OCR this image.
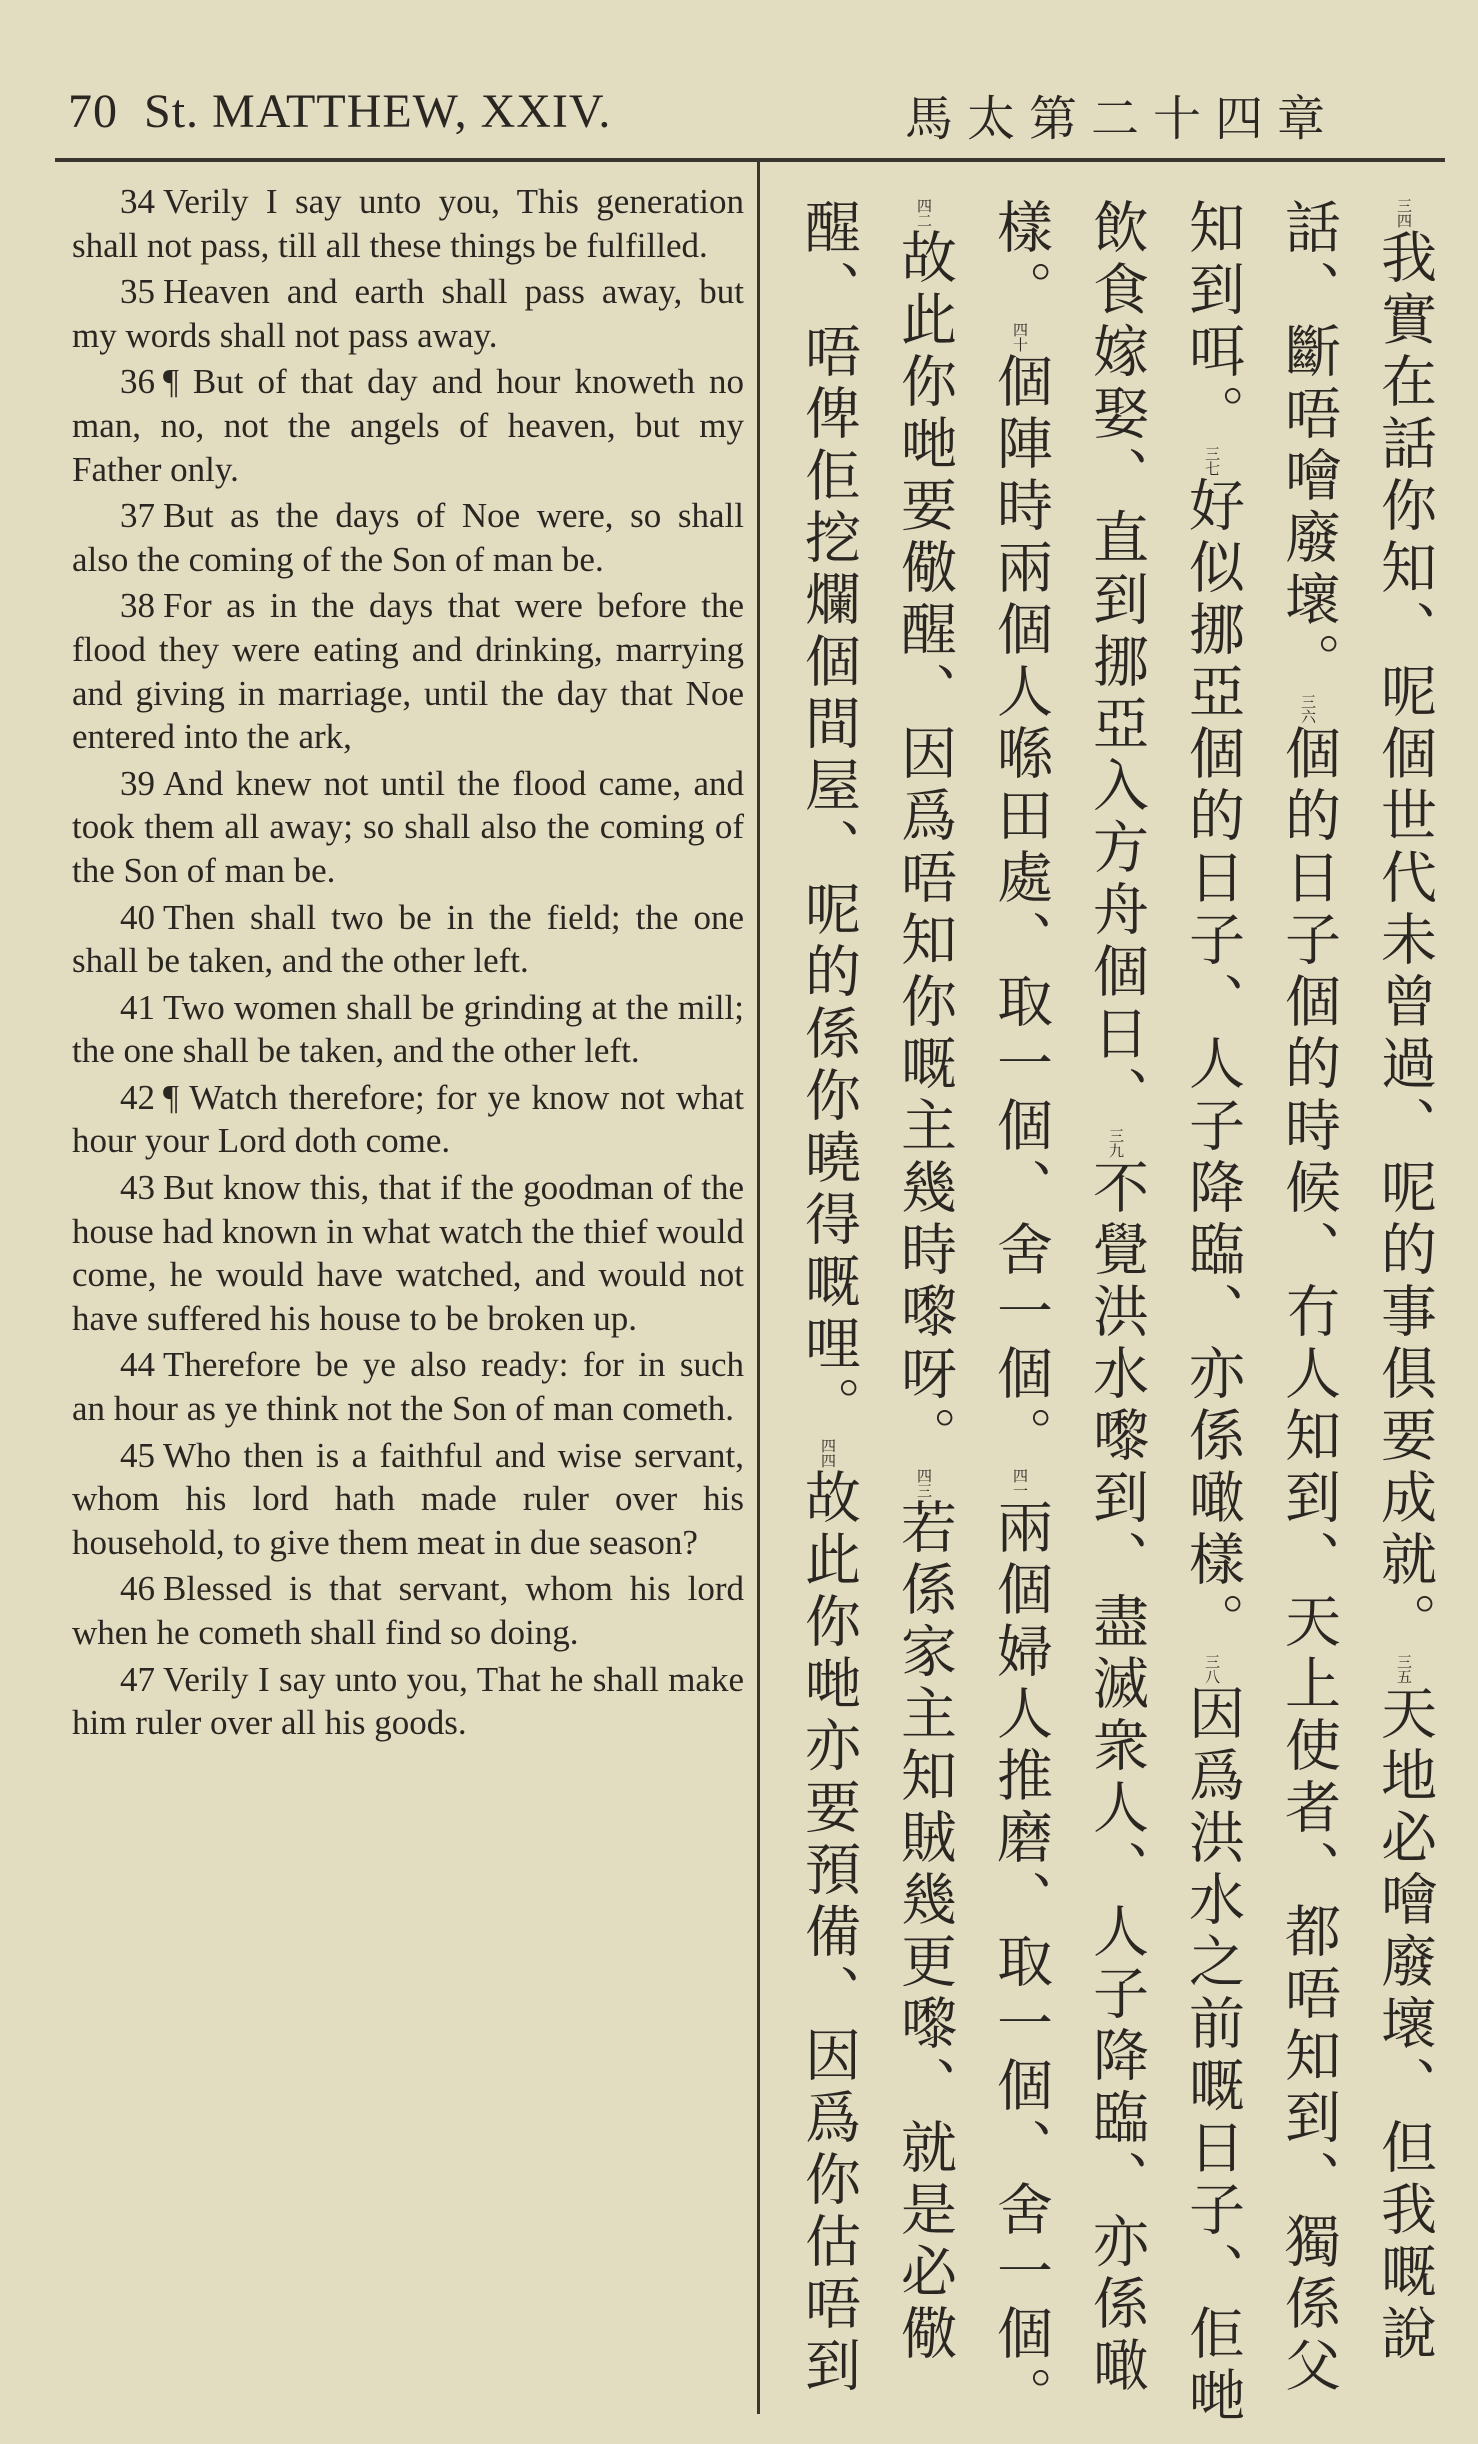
70 St. MATTHEW, XXIV.	馬太第二十四章

34 Verily I say unto you, This generation shall not pass, till all these things be fulfilled.

35 Heaven and earth shall pass away, but my words shall not pass away.

36 ¶ But of that day and hour knoweth no man, no, not the angels of heaven, but my Father only.

37 But as the days of Noe were, so shall also the coming of the Son of man be.

38 For as in the days that were before the flood they were eating and drinking, marrying and giving in marriage, until the day that Noe entered into the ark,

39 And knew not until the flood came, and took them all away; so shall also the coming of the Son of man be.

40 Then shall two be in the field; the one shall be taken, and the other left.

41 Two women shall be grinding at the mill; the one shall be taken, and the other left.

42 ¶ Watch therefore; for ye know not what hour your Lord doth come.

43 But know this, that if the goodman of the house had known in what watch the thief would come, he would have watched, and would not have suffered his house to be broken up.

44 Therefore be ye also ready: for in such an hour as ye think not the Son of man cometh.

45 Who then is a faithful and wise servant, whom his lord hath made ruler over his household, to give them meat in due season?

46 Blessed is that servant, whom his lord when he cometh shall find so doing.

47 Verily I say unto you, That he shall make him ruler over all his goods.

三四我實在話你知、呢個世代未曾過、呢的事俱要成就。三五天地必噲廢壞、但我嘅說話、斷唔噲廢壞。三六個的日子個的時候、冇人知到、天上使者、都唔知到、獨係父知到咡。三七好似挪亞個的日子、人子降臨、亦係噉樣。三八因爲洪水之前嘅日子、佢哋飲食嫁娶、直到挪亞入方舟個日、三九不覺洪水嚟到、盡滅衆人、人子降臨、亦係噉樣。四十個陣時兩個人喺田處、取一個、舍一個。四一兩個婦人推磨、取一個、舍一個。四二故此你哋要儆醒、因爲唔知你嘅主幾時嚟呀。四三若係家主知賊幾更嚟、就是必儆醒、唔俾佢挖爛個間屋、呢的係你曉得嘅哩。四四故此你哋亦要預備、因爲你估唔到
